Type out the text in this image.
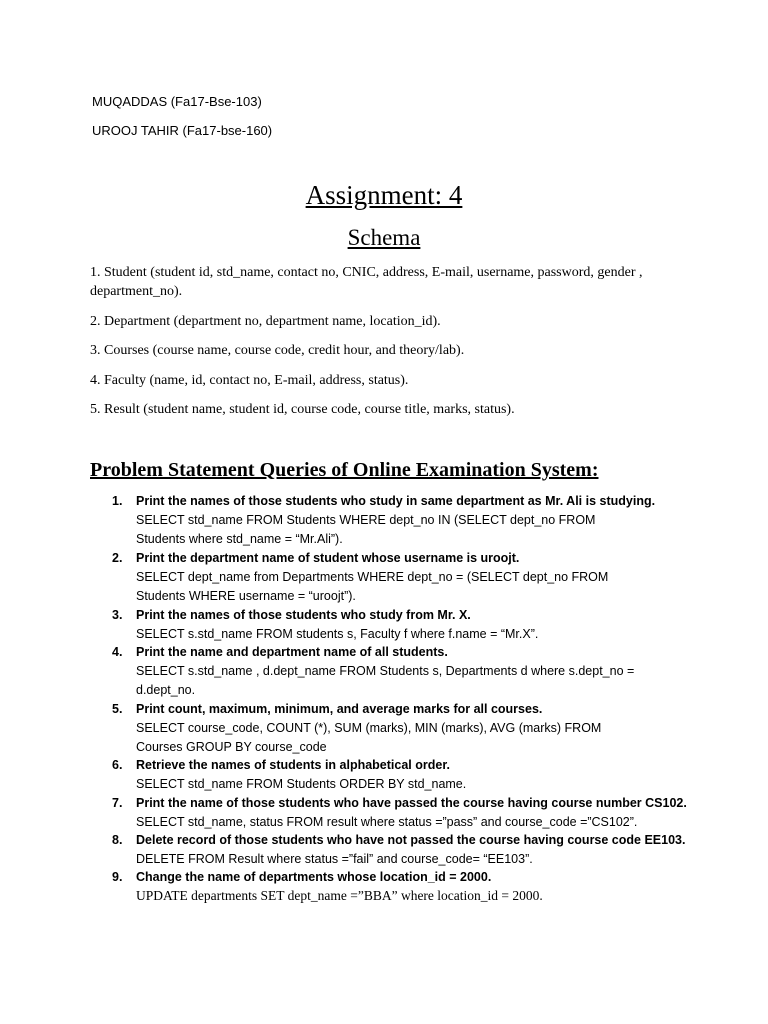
MUQADDAS (Fa17-Bse-103)
UROOJ TAHIR (Fa17-bse-160)
Assignment: 4
Schema
1. Student (student id, std_name, contact no, CNIC, address, E-mail, username, password, gender , department_no).
2. Department (department no, department name, location_id).
3. Courses (course name, course code, credit hour, and theory/lab).
4. Faculty (name, id, contact no, E-mail, address, status).
5. Result (student name, student id, course code, course title, marks, status).
Problem Statement Queries of Online Examination System:
1.	Print the names of those students who study in same department as Mr. Ali is studying.
SELECT std_name FROM Students WHERE dept_no IN (SELECT dept_no FROM Students where std_name = “Mr.Ali”).
2.	Print the department name of student whose username is uroojt.
SELECT dept_name from Departments WHERE dept_no = (SELECT dept_no FROM Students WHERE username = “uroojt”).
3.	Print the names of those students who study from Mr. X.
SELECT s.std_name FROM students s, Faculty f where f.name = “Mr.X”.
4.	Print the name and department name of all students.
SELECT s.std_name , d.dept_name FROM Students s, Departments d where s.dept_no = d.dept_no.
5.	Print count, maximum, minimum, and average marks for all courses.
SELECT course_code, COUNT (*), SUM (marks), MIN (marks), AVG (marks) FROM Courses GROUP BY course_code
6.	Retrieve the names of students in alphabetical order.
SELECT std_name FROM Students ORDER BY std_name.
7.	Print the name of those students who have passed the course having course number CS102.
SELECT std_name, status FROM result where status =”pass” and course_code =”CS102”.
8.	Delete record of those students who have not passed the course having course code EE103.
DELETE FROM Result where status =”fail” and course_code= “EE103”.
9.	Change the name of departments whose location_id = 2000.
UPDATE departments SET dept_name =”BBA” where location_id = 2000.
